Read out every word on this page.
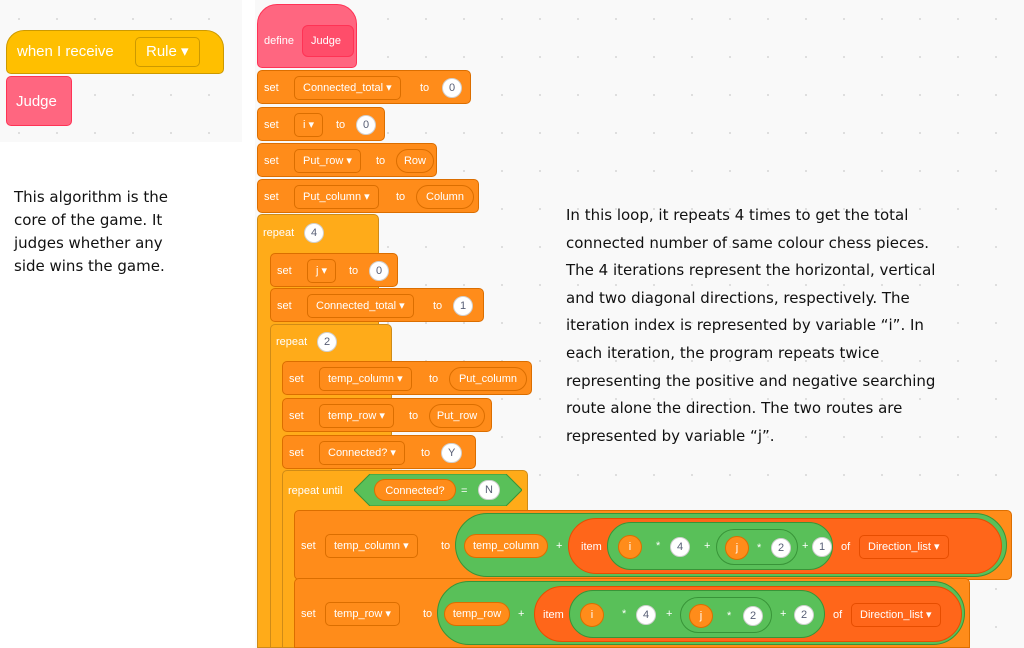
when I receive	Rule ▾
Judge
This algorithm is the
core of the game. It
judges whether any
side wins the game.
In this loop, it repeats 4 times to get the total
connected number of same colour chess pieces.
The 4 iterations represent the horizontal, vertical
and two diagonal directions, respectively. The
iteration index is represented by variable “i”. In
each iteration, the program repeats twice
representing the positive and negative searching
route alone the direction. The two routes are
represented by variable “j”.
define Judge
repeat	4
repeat	2
repeat until	Connected?	=	N
set	Connected_total ▾	to	0
set	i ▾	to	0
set	Put_row ▾	to	Row
set	Put_column ▾	to	Column
set	j ▾	to	0
set	Connected_total ▾	to	1
set	temp_column ▾	to	Put_column
set	temp_row ▾	to	Put_row
set	Connected? ▾	to	Y
set	temp_column ▾	to	temp_column	+ item	i	*	4	+	j	*	2	+ 1	of	Direction_list ▾
set	temp_row ▾	to	temp_row	+ item	i	*	4	+	j	*	2	+	2	of	Direction_list ▾
